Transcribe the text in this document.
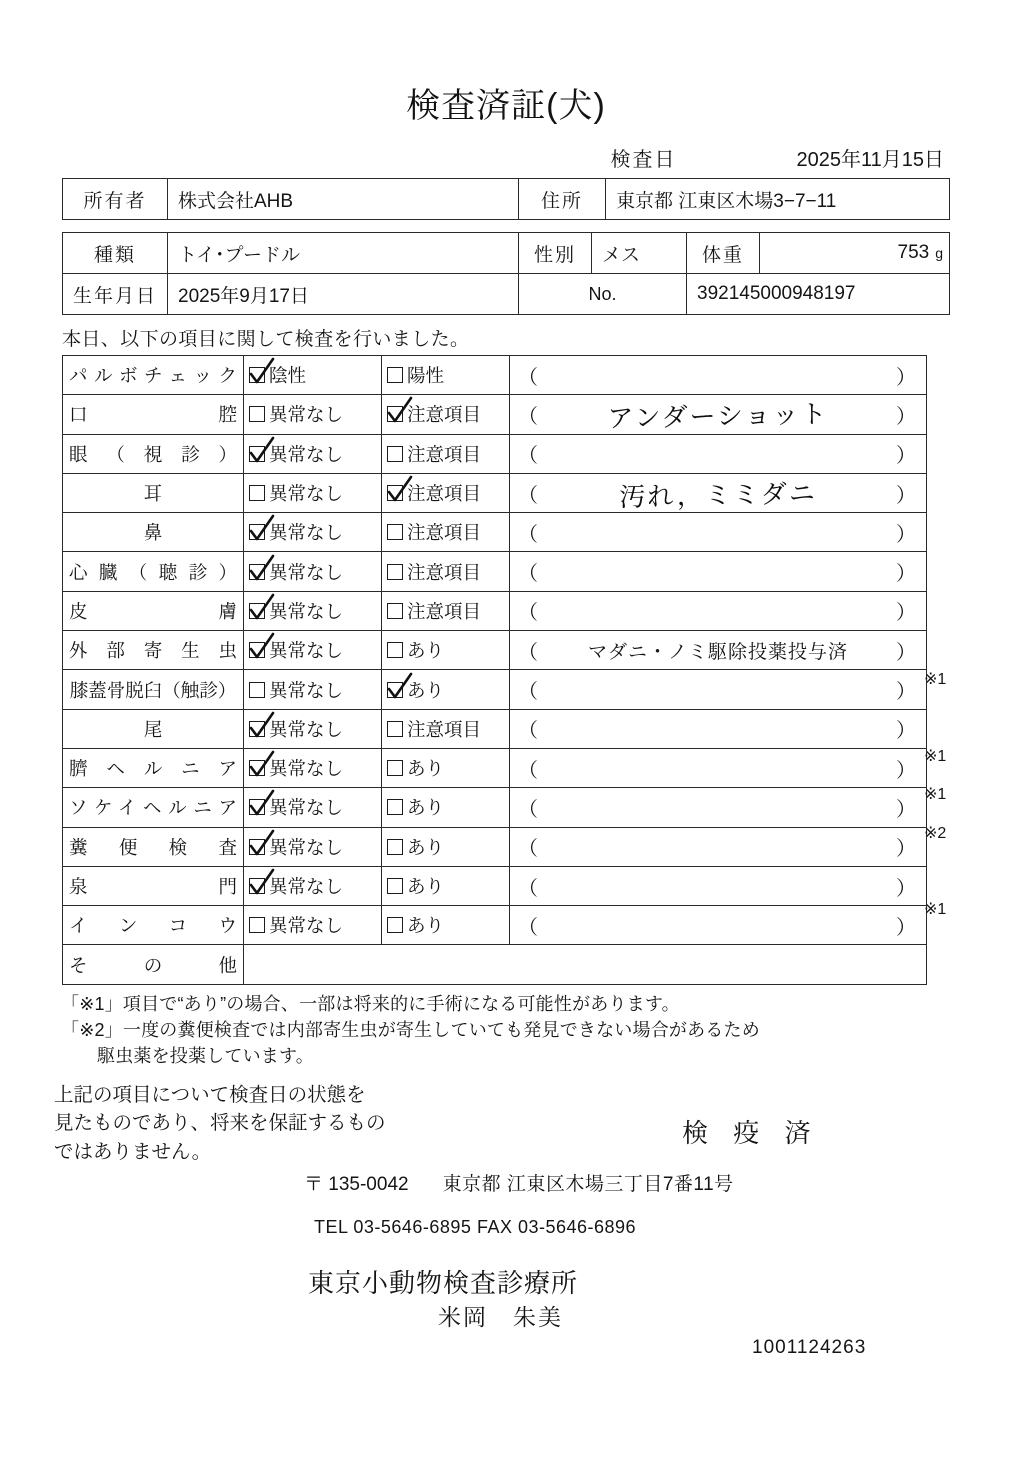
検査済証(犬)
検査日	2025年11月15日
所有者	株式会社AHB	住所	東京都 江東区木場3−7−11
種類	トイ･プードル	性別	メス	体重	753 g
生年月日	2025年9月17日	No.		392145000948197	
本日、以下の項目に関して検査を行いました。
パルボチェック	陰性	陽性	（ ）

口 腔	異常なし	注意項目	（ アンダーショット ）

眼（視診）	異常なし	注意項目	（ ）

耳	異常なし	注意項目	（ 汚れ，ミミダニ ）

鼻	異常なし	注意項目	（ ）

心臓（聴診）	異常なし	注意項目	（ ）

皮 膚	異常なし	注意項目	（ ）

外部寄生虫	異常なし	あり	（ マダニ・ノミ駆除投薬投与済 ）

膝蓋骨脱臼（触診）	異常なし	あり	（ ）

尾	異常なし	注意項目	（ ）

臍ヘルニア	異常なし	あり	（ ）

ソケイヘルニア	異常なし	あり	（ ）

糞便検査	異常なし	あり	（ ）

泉 門	異常なし	あり	（ ）

インコウ	異常なし	あり	（ ）

その他			

※1
※1
※1
※2
※1
「※1」項目で“あり”の場合、一部は将来的に手術になる可能性があります。
「※2」一度の糞便検査では内部寄生虫が寄生していても発見できない場合があるため
駆虫薬を投薬しています。
上記の項目について検査日の状態を
見たものであり、将来を保証するもの
ではありません。
検 疫 済
〒 135-0042 東京都 江東区木場三丁目7番11号
TEL 03-5646-6895 FAX 03-5646-6896
東京小動物検査診療所
米岡　朱美
1001124263
